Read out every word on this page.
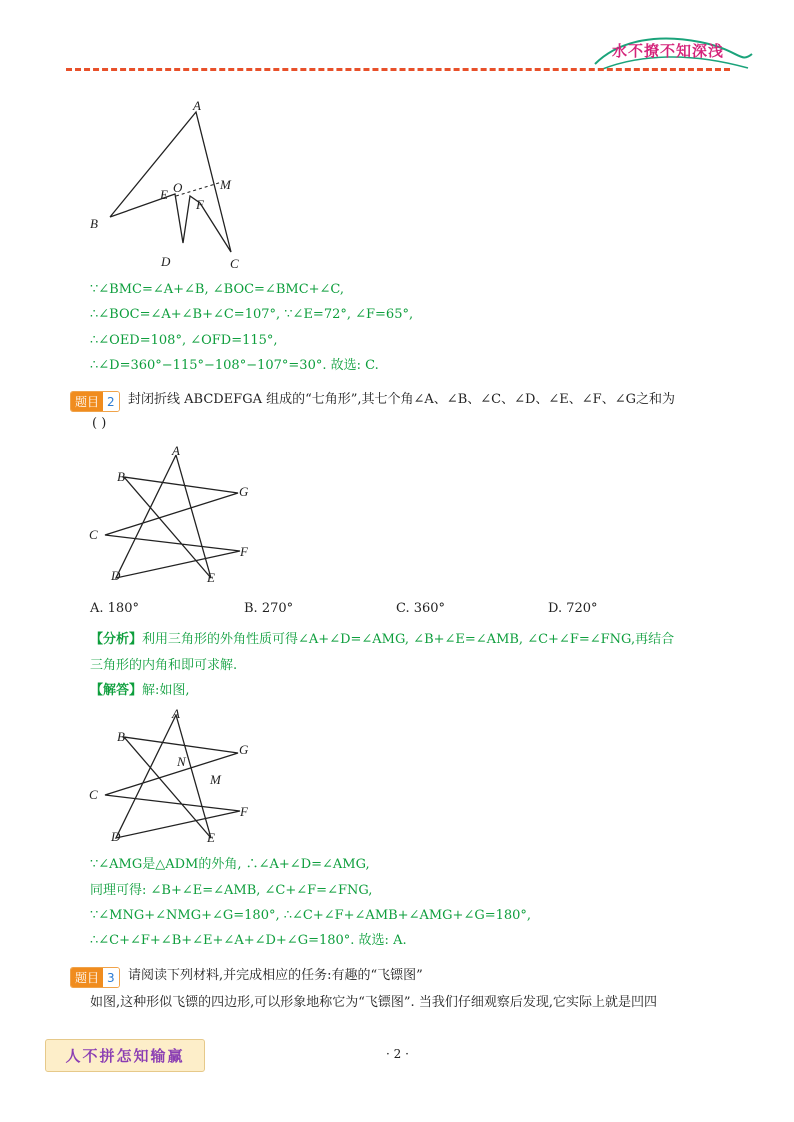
水不撩不知深浅
A
B
C
D
E
F
O	M
∵∠BMC=∠A+∠B, ∠BOC=∠BMC+∠C,
∴∠BOC=∠A+∠B+∠C=107°, ∵∠E=72°, ∠F=65°,
∴∠OED=108°, ∠OFD=115°,
∴∠D=360°−115°−108°−107°=30°. 故选: C.
题目 2	封闭折线 ABCDEFGA 组成的“七角形”,其七个角∠A、∠B、∠C、∠D、∠E、∠F、∠G之和为
( )
A
B
C
D	E
F
G
A. 180°	B. 270°	C. 360°	D. 720°
【分析】利用三角形的外角性质可得∠A+∠D=∠AMG, ∠B+∠E=∠AMB, ∠C+∠F=∠FNG,再结合
三角形的内角和即可求解.
【解答】解:如图,
A
B
C
D	E
F
G
N
M
∵∠AMG是△ADM的外角, ∴∠A+∠D=∠AMG,
同理可得: ∠B+∠E=∠AMB, ∠C+∠F=∠FNG,
∵∠MNG+∠NMG+∠G=180°, ∴∠C+∠F+∠AMB+∠AMG+∠G=180°,
∴∠C+∠F+∠B+∠E+∠A+∠D+∠G=180°. 故选: A.
题目 3	请阅读下列材料,并完成相应的任务:有趣的“飞镖图”
如图,这种形似飞镖的四边形,可以形象地称它为“飞镖图”. 当我们仔细观察后发现,它实际上就是凹四
人不拼怎知输赢	· 2 ·
